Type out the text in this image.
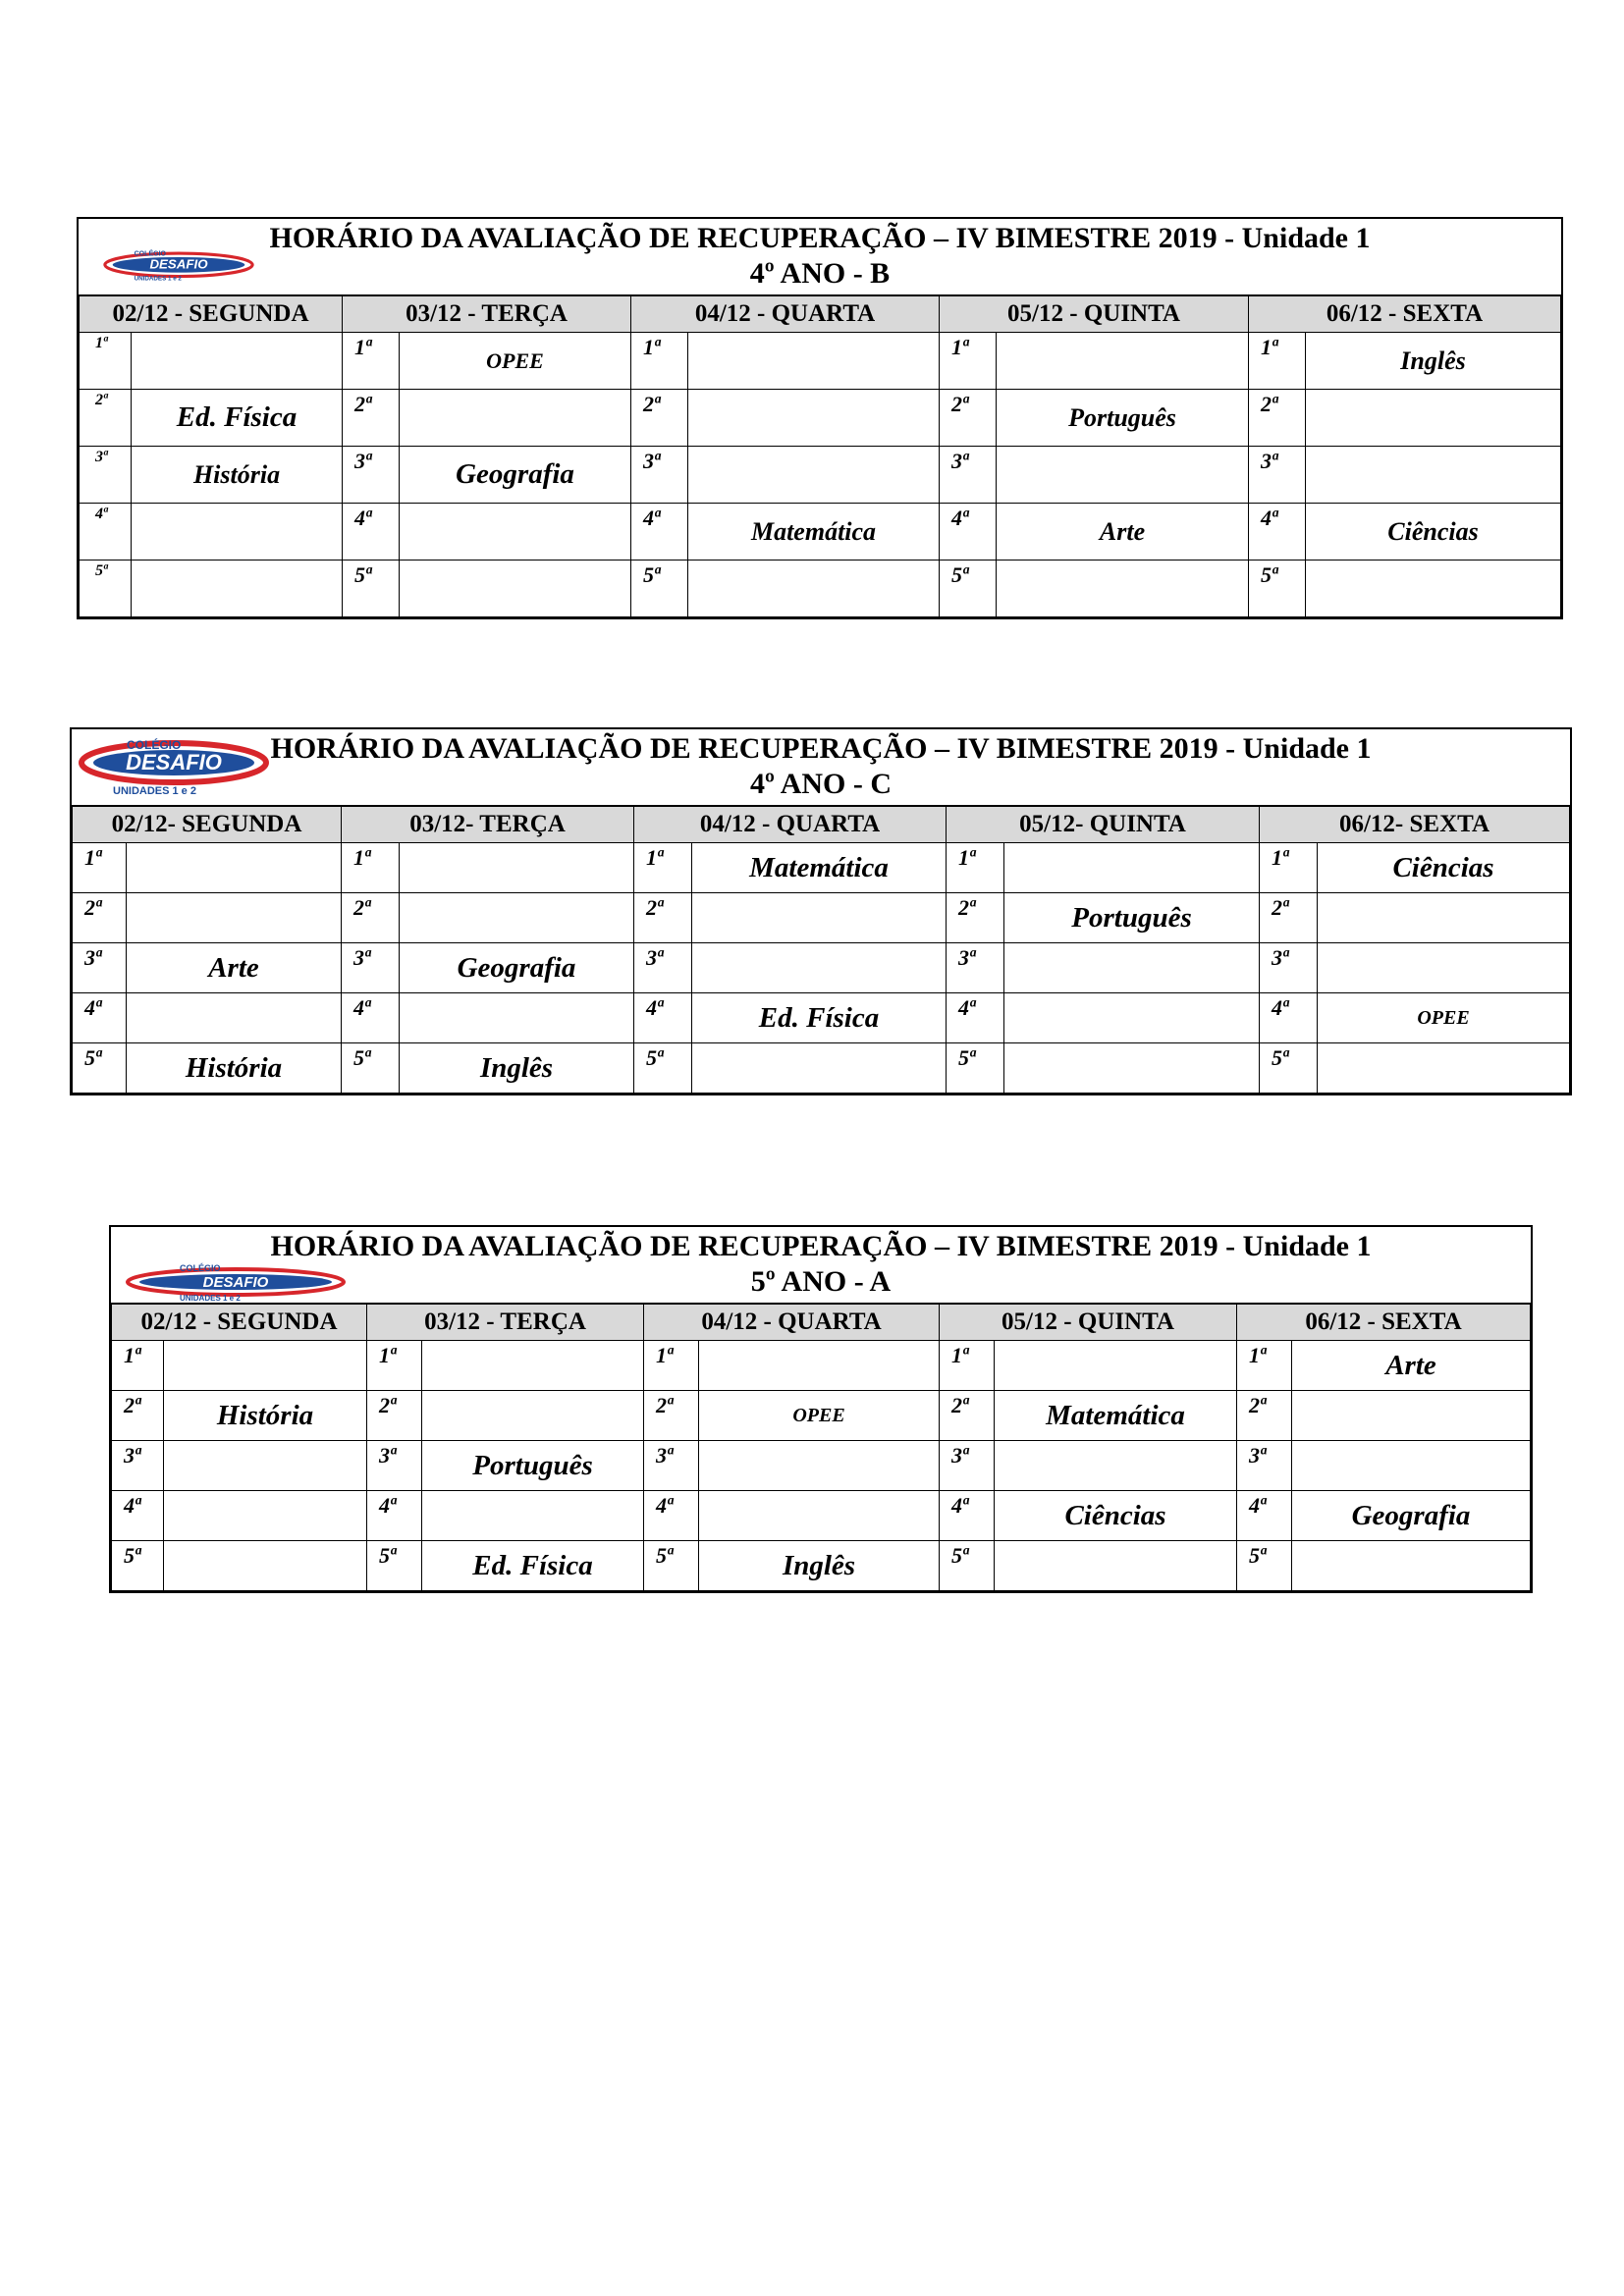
COLÉGIO
DESAFIO
UNIDADES 1 e 2
HORÁRIO DA AVALIAÇÃO DE RECUPERAÇÃO – IV BIMESTRE 2019 - Unidade 1
4º ANO - B
02/12 - SEGUNDA		03/12 - TERÇA		04/12 - QUARTA		05/12 - QUINTA		06/12 - SEXTA	
1ª		1ª	OPEE	1ª		1ª		1ª	Inglês
2ª	Ed. Física	2ª		2ª		2ª	Português	2ª	
3ª	História	3ª	Geografia	3ª		3ª		3ª	
4ª		4ª		4ª	Matemática	4ª	Arte	4ª	Ciências
5ª		5ª		5ª		5ª		5ª	
COLÉGIO
DESAFIO
UNIDADES 1 e 2
HORÁRIO DA AVALIAÇÃO DE RECUPERAÇÃO – IV BIMESTRE 2019 - Unidade 1
4º ANO - C
02/12- SEGUNDA		03/12- TERÇA		04/12 - QUARTA		05/12- QUINTA		06/12- SEXTA	
1ª		1ª		1ª	Matemática	1ª		1ª	Ciências
2ª		2ª		2ª		2ª	Português	2ª	
3ª	Arte	3ª	Geografia	3ª		3ª		3ª	
4ª		4ª		4ª	Ed. Física	4ª		4ª	OPEE
5ª	História	5ª	Inglês	5ª		5ª		5ª	
COLÉGIO
DESAFIO
UNIDADES 1 e 2
HORÁRIO DA AVALIAÇÃO DE RECUPERAÇÃO – IV BIMESTRE 2019 - Unidade 1
5º ANO - A
02/12 - SEGUNDA		03/12 - TERÇA		04/12 - QUARTA		05/12 - QUINTA		06/12 - SEXTA	
1ª		1ª		1ª		1ª		1ª	Arte
2ª	História	2ª		2ª	OPEE	2ª	Matemática	2ª	
3ª		3ª	Português	3ª		3ª		3ª	
4ª		4ª		4ª		4ª	Ciências	4ª	Geografia
5ª		5ª	Ed. Física	5ª	Inglês	5ª		5ª	
